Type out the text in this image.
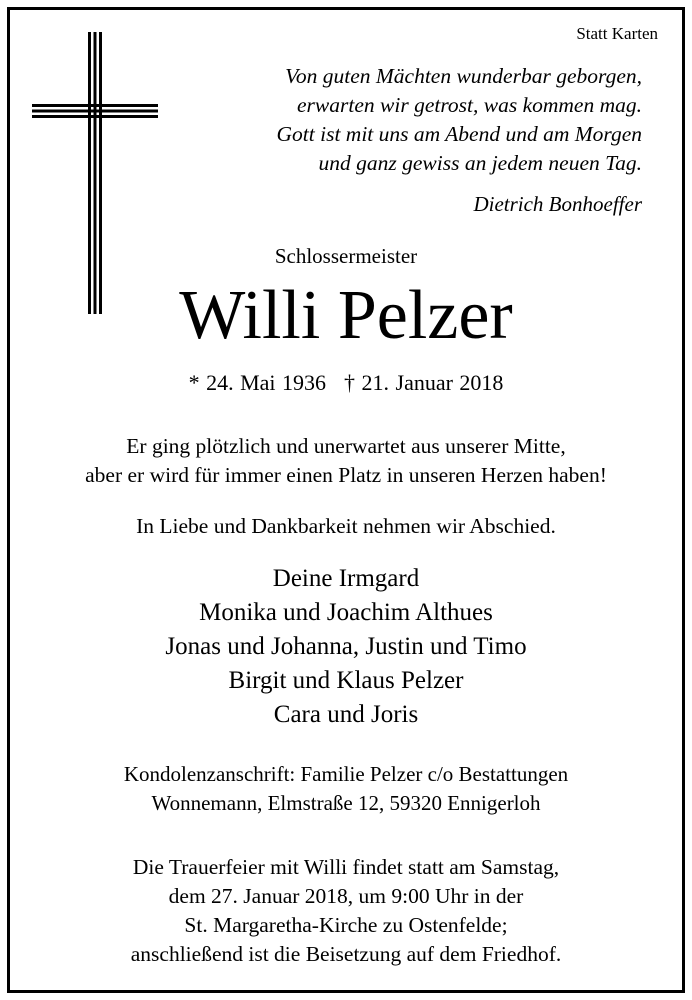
Statt Karten
Von guten Mächten wunderbar geborgen,
erwarten wir getrost, was kommen mag.
Gott ist mit uns am Abend und am Morgen
und ganz gewiss an jedem neuen Tag.
Dietrich Bonhoeffer
Schlossermeister
Willi Pelzer
* 24. Mai 1936 † 21. Januar 2018
Er ging plötzlich und unerwartet aus unserer Mitte,
aber er wird für immer einen Platz in unseren Herzen haben!
In Liebe und Dankbarkeit nehmen wir Abschied.
Deine Irmgard
Monika und Joachim Althues
Jonas und Johanna, Justin und Timo
Birgit und Klaus Pelzer
Cara und Joris
Kondolenzanschrift: Familie Pelzer c/o Bestattungen
Wonnemann, Elmstraße 12, 59320 Ennigerloh
Die Trauerfeier mit Willi findet statt am Samstag,
dem 27. Januar 2018, um 9:00 Uhr in der
St. Margaretha-Kirche zu Ostenfelde;
anschließend ist die Beisetzung auf dem Friedhof.
